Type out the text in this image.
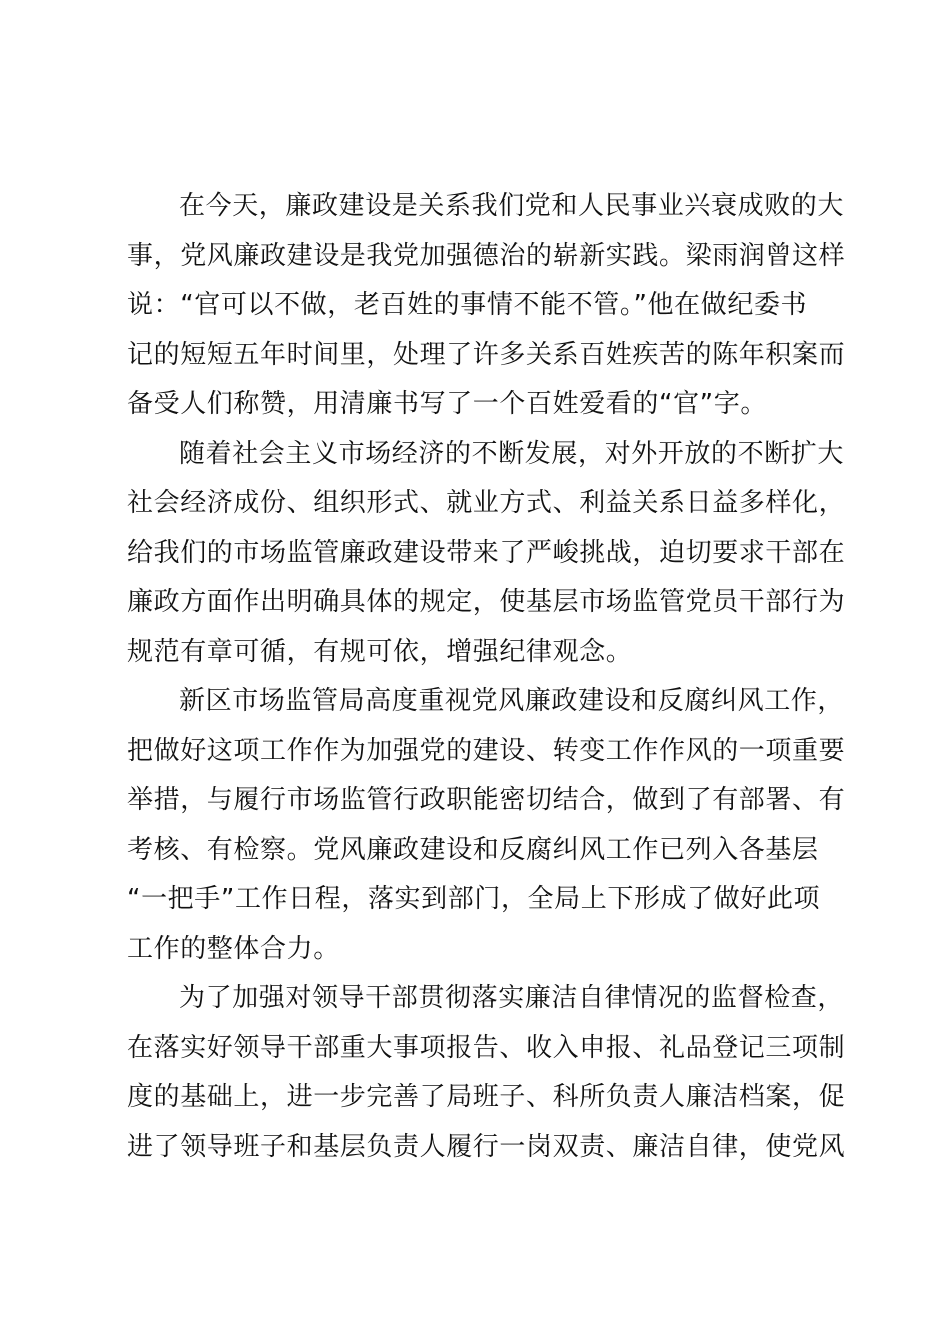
在今天，廉政建设是关系我们党和人民事业兴衰成败的大
事，党风廉政建设是我党加强德治的崭新实践。梁雨润曾这样
说：“官可以不做，老百姓的事情不能不管。”他在做纪委书
记的短短五年时间里，处理了许多关系百姓疾苦的陈年积案而
备受人们称赞，用清廉书写了一个百姓爱看的“官”字。

随着社会主义市场经济的不断发展，对外开放的不断扩大
社会经济成份、组织形式、就业方式、利益关系日益多样化，
给我们的市场监管廉政建设带来了严峻挑战，迫切要求干部在
廉政方面作出明确具体的规定，使基层市场监管党员干部行为
规范有章可循，有规可依，增强纪律观念。

新区市场监管局高度重视党风廉政建设和反腐纠风工作，
把做好这项工作作为加强党的建设、转变工作作风的一项重要
举措，与履行市场监管行政职能密切结合，做到了有部署、有
考核、有检察。党风廉政建设和反腐纠风工作已列入各基层
“一把手”工作日程，落实到部门，全局上下形成了做好此项
工作的整体合力。

为了加强对领导干部贯彻落实廉洁自律情况的监督检查，
在落实好领导干部重大事项报告、收入申报、礼品登记三项制
度的基础上，进一步完善了局班子、科所负责人廉洁档案，促
进了领导班子和基层负责人履行一岗双责、廉洁自律，使党风
